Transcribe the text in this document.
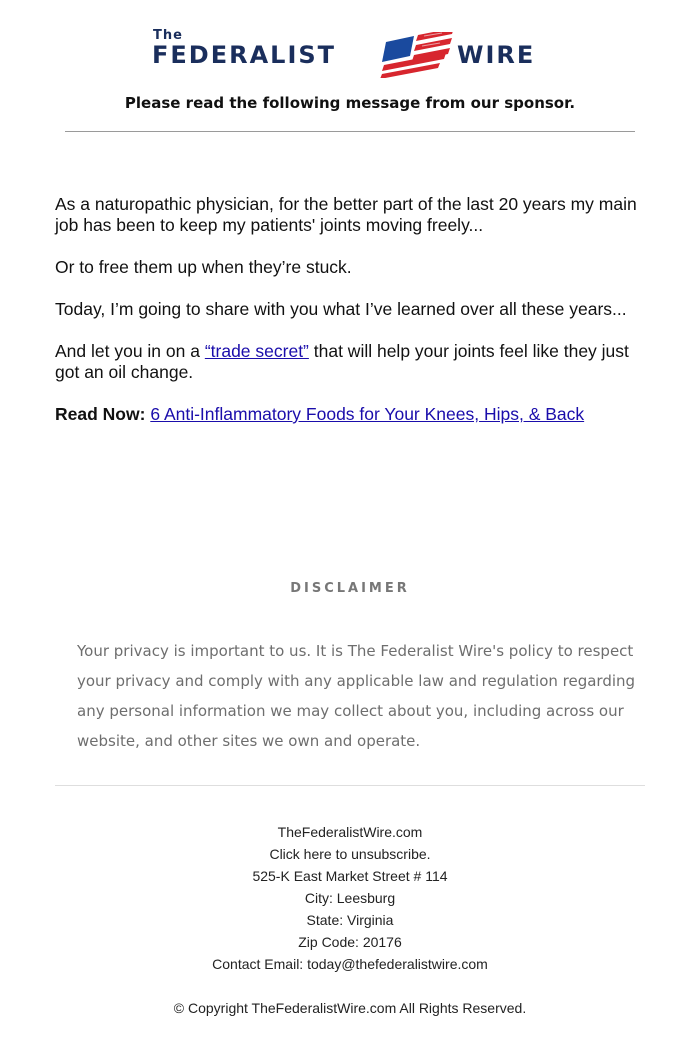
The
FEDERALIST	WIRE
Please read the following message from our sponsor.

As a naturopathic physician, for the better part of the last 20 years my main job has been to keep my patients' joints moving freely...

Or to free them up when they’re stuck.

Today, I’m going to share with you what I’ve learned over all these years...

And let you in on a “trade secret” that will help your joints feel like they just got an oil change.

Read Now: 6 Anti-Inflammatory Foods for Your Knees, Hips, & Back

DISCLAIMER
Your privacy is important to us. It is The Federalist Wire's policy to respect your privacy and comply with any applicable law and regulation regarding any personal information we may collect about you, including across our website, and other sites we own and operate.
TheFederalistWire.com
Click here to unsubscribe.
525-K East Market Street # 114
City: Leesburg
State: Virginia
Zip Code: 20176
Contact Email: today@thefederalistwire.com
© Copyright TheFederalistWire.com All Rights Reserved.
